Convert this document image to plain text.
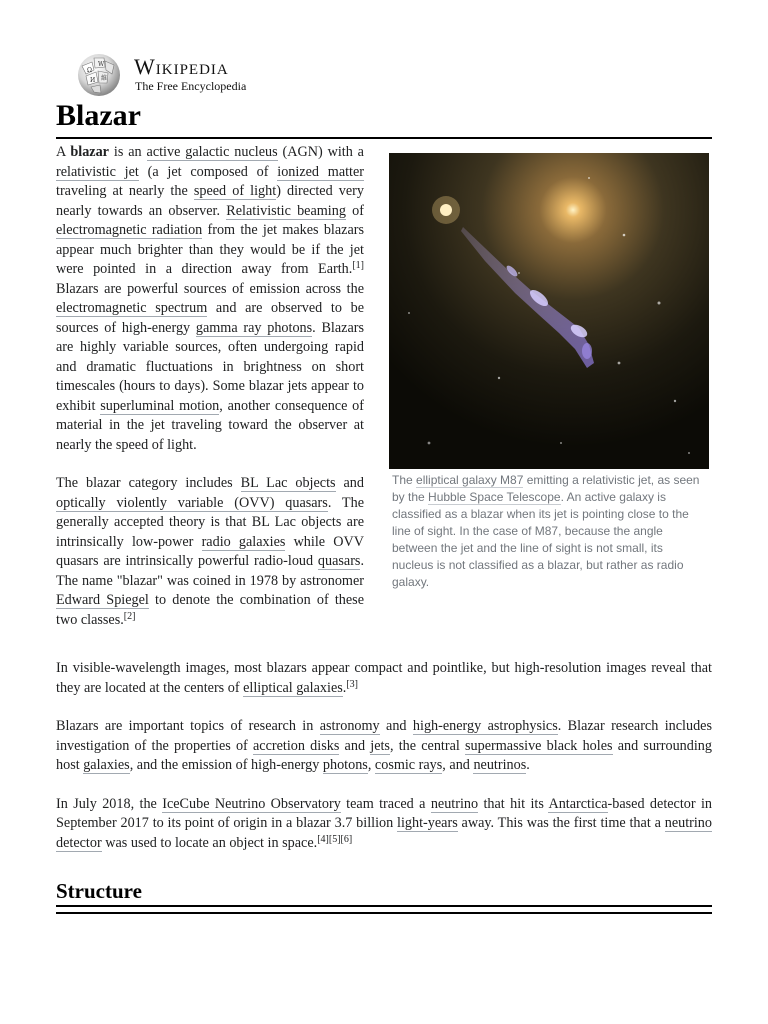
Ω
W
И 維 Wikipedia
The Free Encyclopedia
Blazar
The elliptical galaxy M87 emitting a relativistic jet, as seen by the Hubble Space Telescope. An active galaxy is classified as a blazar when its jet is pointing close to the line of sight. In the case of M87, because the angle between the jet and the line of sight is not small, its nucleus is not classified as a blazar, but rather as radio galaxy.

A blazar is an active galactic nucleus (AGN) with a relativistic jet (a jet composed of ionized matter traveling at nearly the speed of light) directed very nearly towards an observer. Relativistic beaming of electromagnetic radiation from the jet makes blazars appear much brighter than they would be if the jet were pointed in a direction away from Earth.[1] Blazars are powerful sources of emission across the electromagnetic spectrum and are observed to be sources of high-energy gamma ray photons. Blazars are highly variable sources, often undergoing rapid and dramatic fluctuations in brightness on short timescales (hours to days). Some blazar jets appear to exhibit superluminal motion, another consequence of material in the jet traveling toward the observer at nearly the speed of light.

The blazar category includes BL Lac objects and optically violently variable (OVV) quasars. The generally accepted theory is that BL Lac objects are intrinsically low-power radio galaxies while OVV quasars are intrinsically powerful radio-loud quasars. The name "blazar" was coined in 1978 by astronomer Edward Spiegel to denote the combination of these two classes.[2]

In visible-wavelength images, most blazars appear compact and pointlike, but high-resolution images reveal that they are located at the centers of elliptical galaxies.[3]

Blazars are important topics of research in astronomy and high-energy astrophysics. Blazar research includes investigation of the properties of accretion disks and jets, the central supermassive black holes and surrounding host galaxies, and the emission of high-energy photons, cosmic rays, and neutrinos.

In July 2018, the IceCube Neutrino Observatory team traced a neutrino that hit its Antarctica-based detector in September 2017 to its point of origin in a blazar 3.7 billion light-years away. This was the first time that a neutrino detector was used to locate an object in space.[4][5][6]

Structure
